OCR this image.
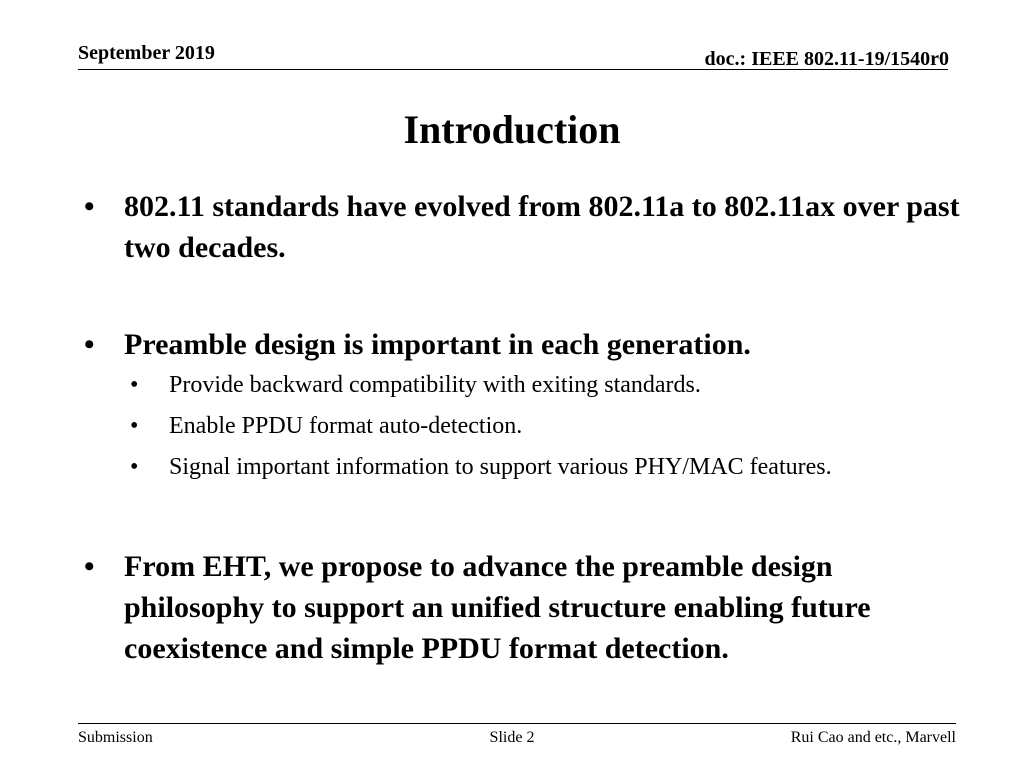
September 2019	doc.: IEEE 802.11-19/1540r0
Introduction
• 802.11 standards have evolved from 802.11a to 802.11ax over past two decades.
• Preamble design is important in each generation.
•	Provide backward compatibility with exiting standards.
•	Enable PPDU format auto-detection.
•	Signal important information to support various PHY/MAC features.
• From EHT, we propose to advance the preamble design philosophy to support an unified structure enabling future coexistence and simple PPDU format detection.
Submission	Slide 2	Rui Cao and etc., Marvell
